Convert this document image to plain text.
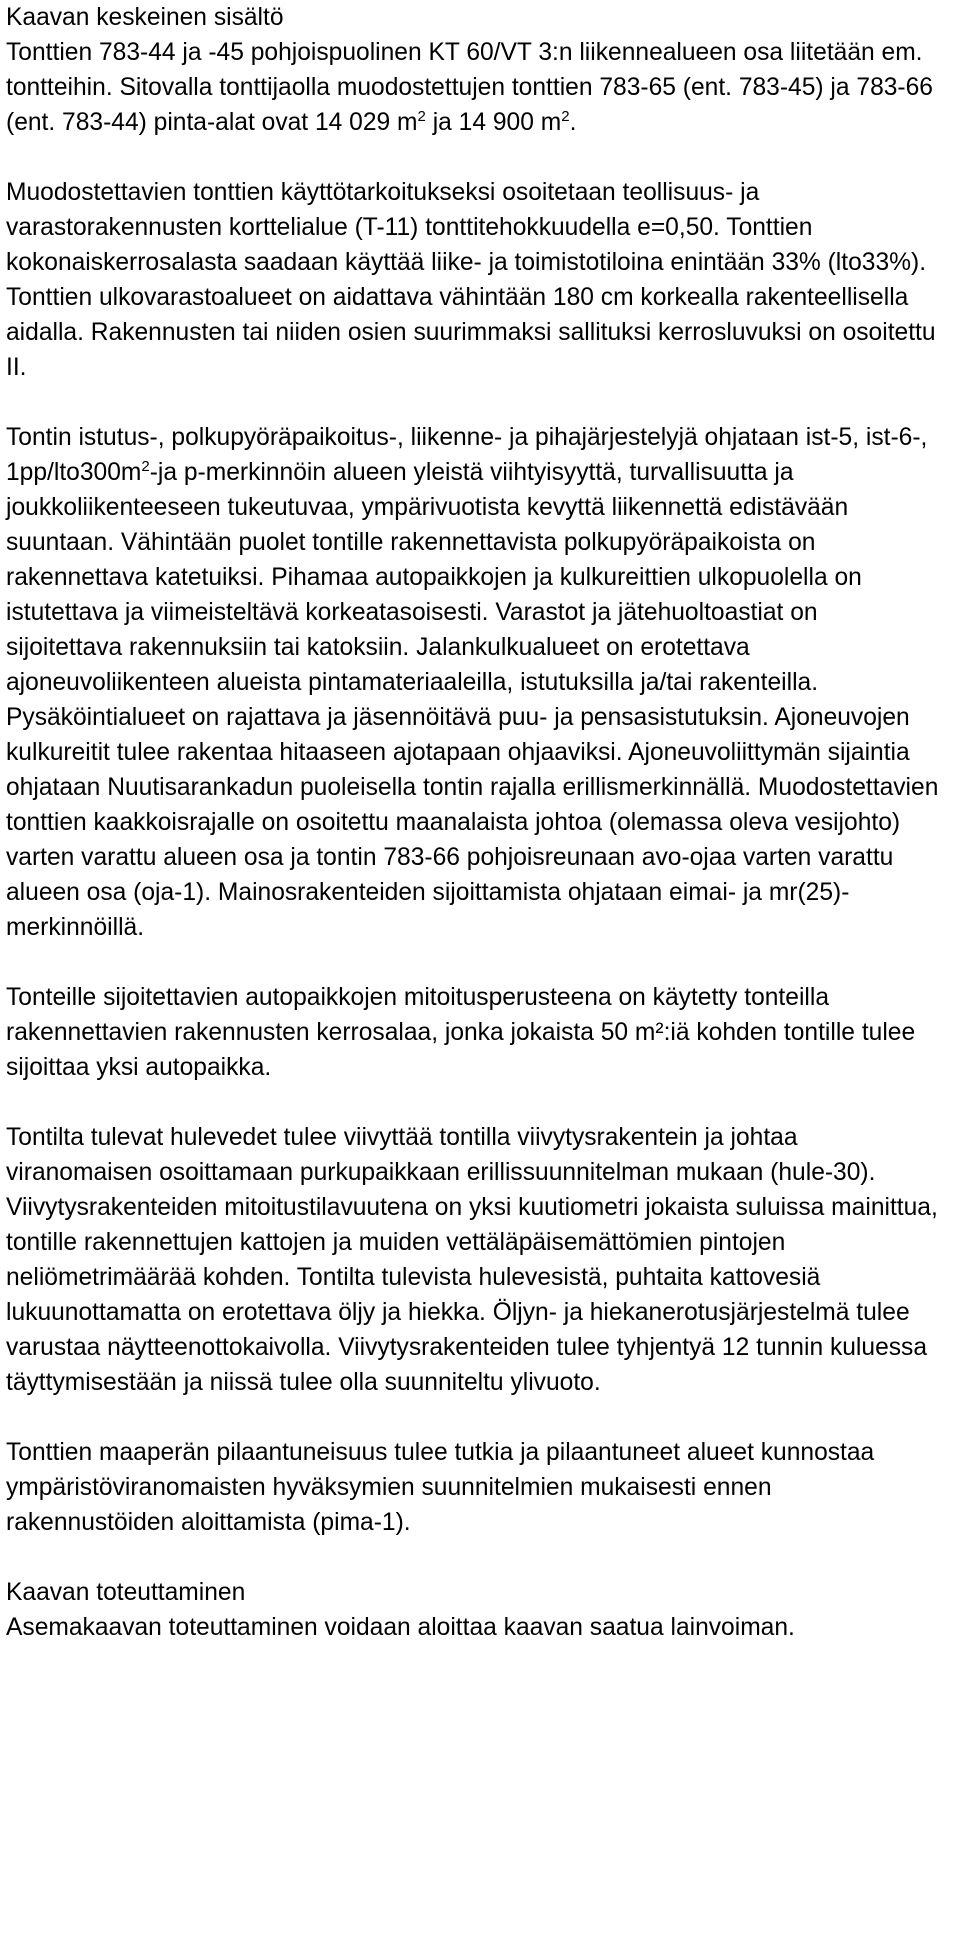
Kaavan keskeinen sisältö
Tonttien 783-44 ja -45 pohjoispuolinen KT 60/VT 3:n liikennealueen osa liitetään em. tontteihin. Sitovalla tonttijaolla muodostettujen tonttien 783-65 (ent. 783-45) ja 783-66 (ent. 783-44) pinta-alat ovat 14 029 $m^2$ ja 14 900 $m^2$.
Muodostettavien tonttien käyttötarkoitukseksi osoitetaan teollisuus- ja varastorakennusten korttelialue (T-11) tonttitehokkuudella e=0,50. Tonttien kokonaiskerrosalasta saadaan käyttää liike- ja toimistotiloina enintään 33% (lto33%). Tonttien ulkovarastoalueet on aidattava vähintään 180 cm korkealla rakenteellisella aidalla. Rakennusten tai niiden osien suurimmaksi sallituksi kerrosluvuksi on osoitettu II.
Tontin istutus-, polkupyöräpaikoitus-, liikenne- ja pihajärjestelyjä ohjataan ist-5, ist-6-, $1pp/lto300m^2-ja$ p-merkinnöin alueen yleistä viihtyisyyttä, turvallisuutta ja joukkoliikenteeseen tukeutuvaa, ympärivuotista kevyttä liikennettä edistävään suuntaan. Vähintään puolet tontille rakennettavista polkupyöräpaikoista on rakennettava katetuiksi. Pihamaa autopaikkojen ja kulkureittien ulkopuolella on istutettava ja viimeisteltävä korkeatasoisesti. Varastot ja jätehuoltoastiat on sijoitettava rakennuksiin tai katoksiin. Jalankulkualueet on erotettava ajoneuvoliikenteen alueista pintamateriaaleilla, istutuksilla ja/tai rakenteilla. Pysäköintialueet on rajattava ja jäsennöitävä puu- ja pensasistutuksin. Ajoneuvojen kulkureitit tulee rakentaa hitaaseen ajotapaan ohjaaviksi. Ajoneuvoliittymän sijaintia ohjataan Nuutisarankadun puoleisella tontin rajalla erillismerkinnällä. Muodostettavien tonttien kaakkoisrajalle on osoitettu maanalaista johtoa (olemassa oleva vesijohto) varten varattu alueen osa ja tontin 783-66 pohjoisreunaan avo-ojaa varten varattu alueen osa (oja-1). Mainosrakenteiden sijoittamista ohjataan eimai- ja mr(25)-merkinnöillä.
Tonteille sijoitettavien autopaikkojen mitoitusperusteena on käytetty tonteilla rakennettavien rakennusten kerrosalaa, jonka jokaista 50 m²:iä kohden tontille tulee sijoittaa yksi autopaikka.
Tontilta tulevat hulevedet tulee viivyttää tontilla viivytysrakentein ja johtaa viranomaisen osoittamaan purkupaikkaan erillissuunnitelman mukaan (hule-30). Viivytysrakenteiden mitoitustilavuutena on yksi kuutiometri jokaista suluissa mainittua, tontille rakennettujen kattojen ja muiden vettäläpäisemättömien pintojen neliömetrimäärää kohden. Tontilta tulevista hulevesistä, puhtaita kattovesiä lukuunottamatta on erotettava öljy ja hiekka. Öljyn- ja hiekanerotusjärjestelmä tulee varustaa näytteenottokaivolla. Viivytysrakenteiden tulee tyhjentyä 12 tunnin kuluessa täyttymisestään ja niissä tulee olla suunniteltu ylivuoto.
Tonttien maaperän pilaantuneisuus tulee tutkia ja pilaantuneet alueet kunnostaa ympäristöviranomaisten hyväksymien suunnitelmien mukaisesti ennen rakennustöiden aloittamista (pima-1).
Kaavan toteuttaminen
Asemakaavan toteuttaminen voidaan aloittaa kaavan saatua lainvoiman.
